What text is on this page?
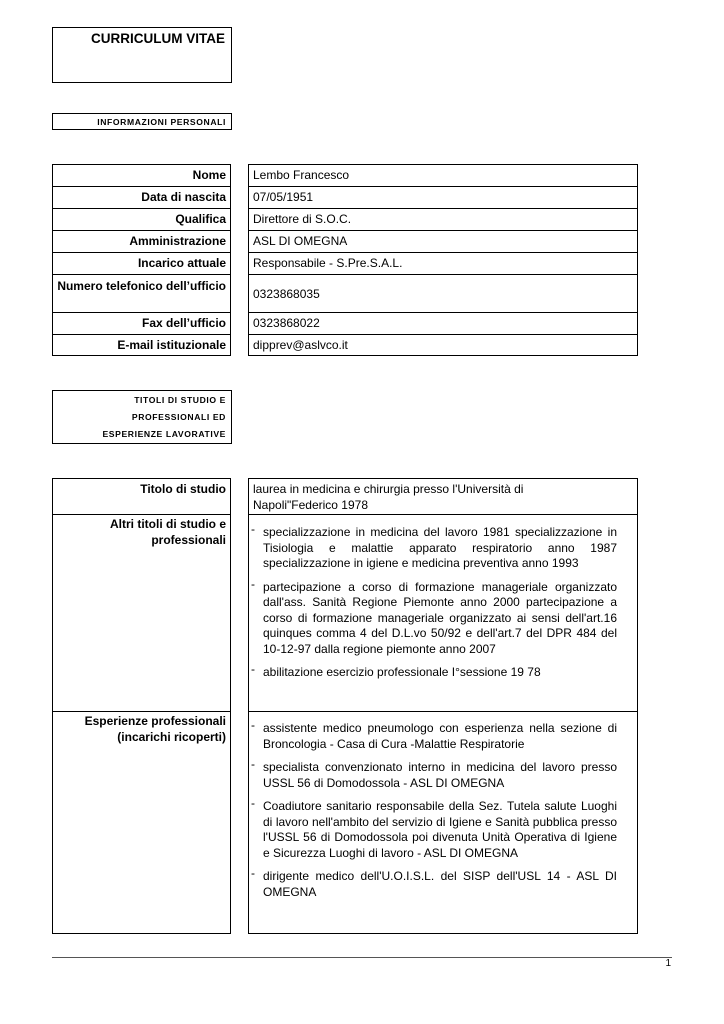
CURRICULUM VITAE
INFORMAZIONI PERSONALI
Nome
Data di nascita
Qualifica
Amministrazione
Incarico attuale
Numero telefonico dell’ufficio
Fax dell’ufficio
E-mail istituzionale
Lembo Francesco
07/05/1951
Direttore di S.O.C.
ASL DI OMEGNA
Responsabile - S.Pre.S.A.L.
0323868035
0323868022
dipprev@aslvco.it
TITOLI DI STUDIO E
PROFESSIONALI ED
ESPERIENZE LAVORATIVE
Titolo di studio
Altri titoli di studio e professionali
Esperienze professionali (incarichi ricoperti)
laurea in medicina e chirurgia presso l'Università di Napoli"Federico 1978
- specializzazione in medicina del lavoro 1981 specializzazione in Tisiologia e malattie apparato respiratorio anno 1987 specializzazione in igiene e medicina preventiva anno 1993
- partecipazione a corso di formazione manageriale organizzato dall'ass. Sanità Regione Piemonte anno 2000 partecipazione a corso di formazione manageriale organizzato ai sensi dell'art.16 quinques comma 4 del D.L.vo 50/92 e dell'art.7 del DPR 484 del 10-12-97 dalla regione piemonte anno 2007
- abilitazione esercizio professionale I°sessione 19 78
- assistente medico pneumologo con esperienza nella sezione di Broncologia - Casa di Cura -Malattie Respiratorie
- specialista convenzionato interno in medicina del lavoro presso USSL 56 di Domodossola - ASL DI OMEGNA
- Coadiutore sanitario responsabile della Sez. Tutela salute Luoghi di lavoro nell'ambito del servizio di Igiene e Sanità pubblica presso l'USSL 56 di Domodossola poi divenuta Unità Operativa di Igiene e Sicurezza Luoghi di lavoro - ASL DI OMEGNA
- dirigente medico dell'U.O.I.S.L. del SISP dell'USL 14 - ASL DI OMEGNA
1
